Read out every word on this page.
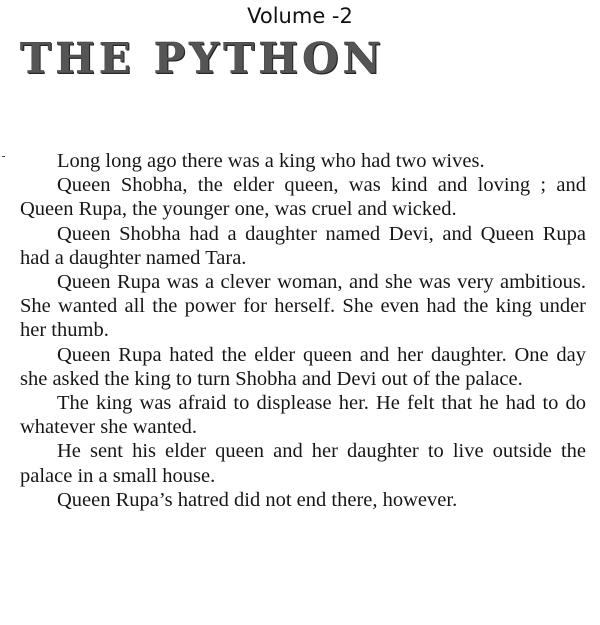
Volume -2
THE PYTHON

Long long ago there was a king who had two wives.

Queen Shobha, the elder queen, was kind and loving ; and Queen Rupa, the younger one, was cruel and wicked.

Queen Shobha had a daughter named Devi, and Queen Rupa had a daughter named Tara.

Queen Rupa was a clever woman, and she was very ambitious. She wanted all the power for herself. She even had the king under her thumb.

Queen Rupa hated the elder queen and her daughter. One day she asked the king to turn Shobha and Devi out of the palace.

The king was afraid to displease her. He felt that he had to do whatever she wanted.

He sent his elder queen and her daughter to live outside the palace in a small house.

Queen Rupa’s hatred did not end there, however.
